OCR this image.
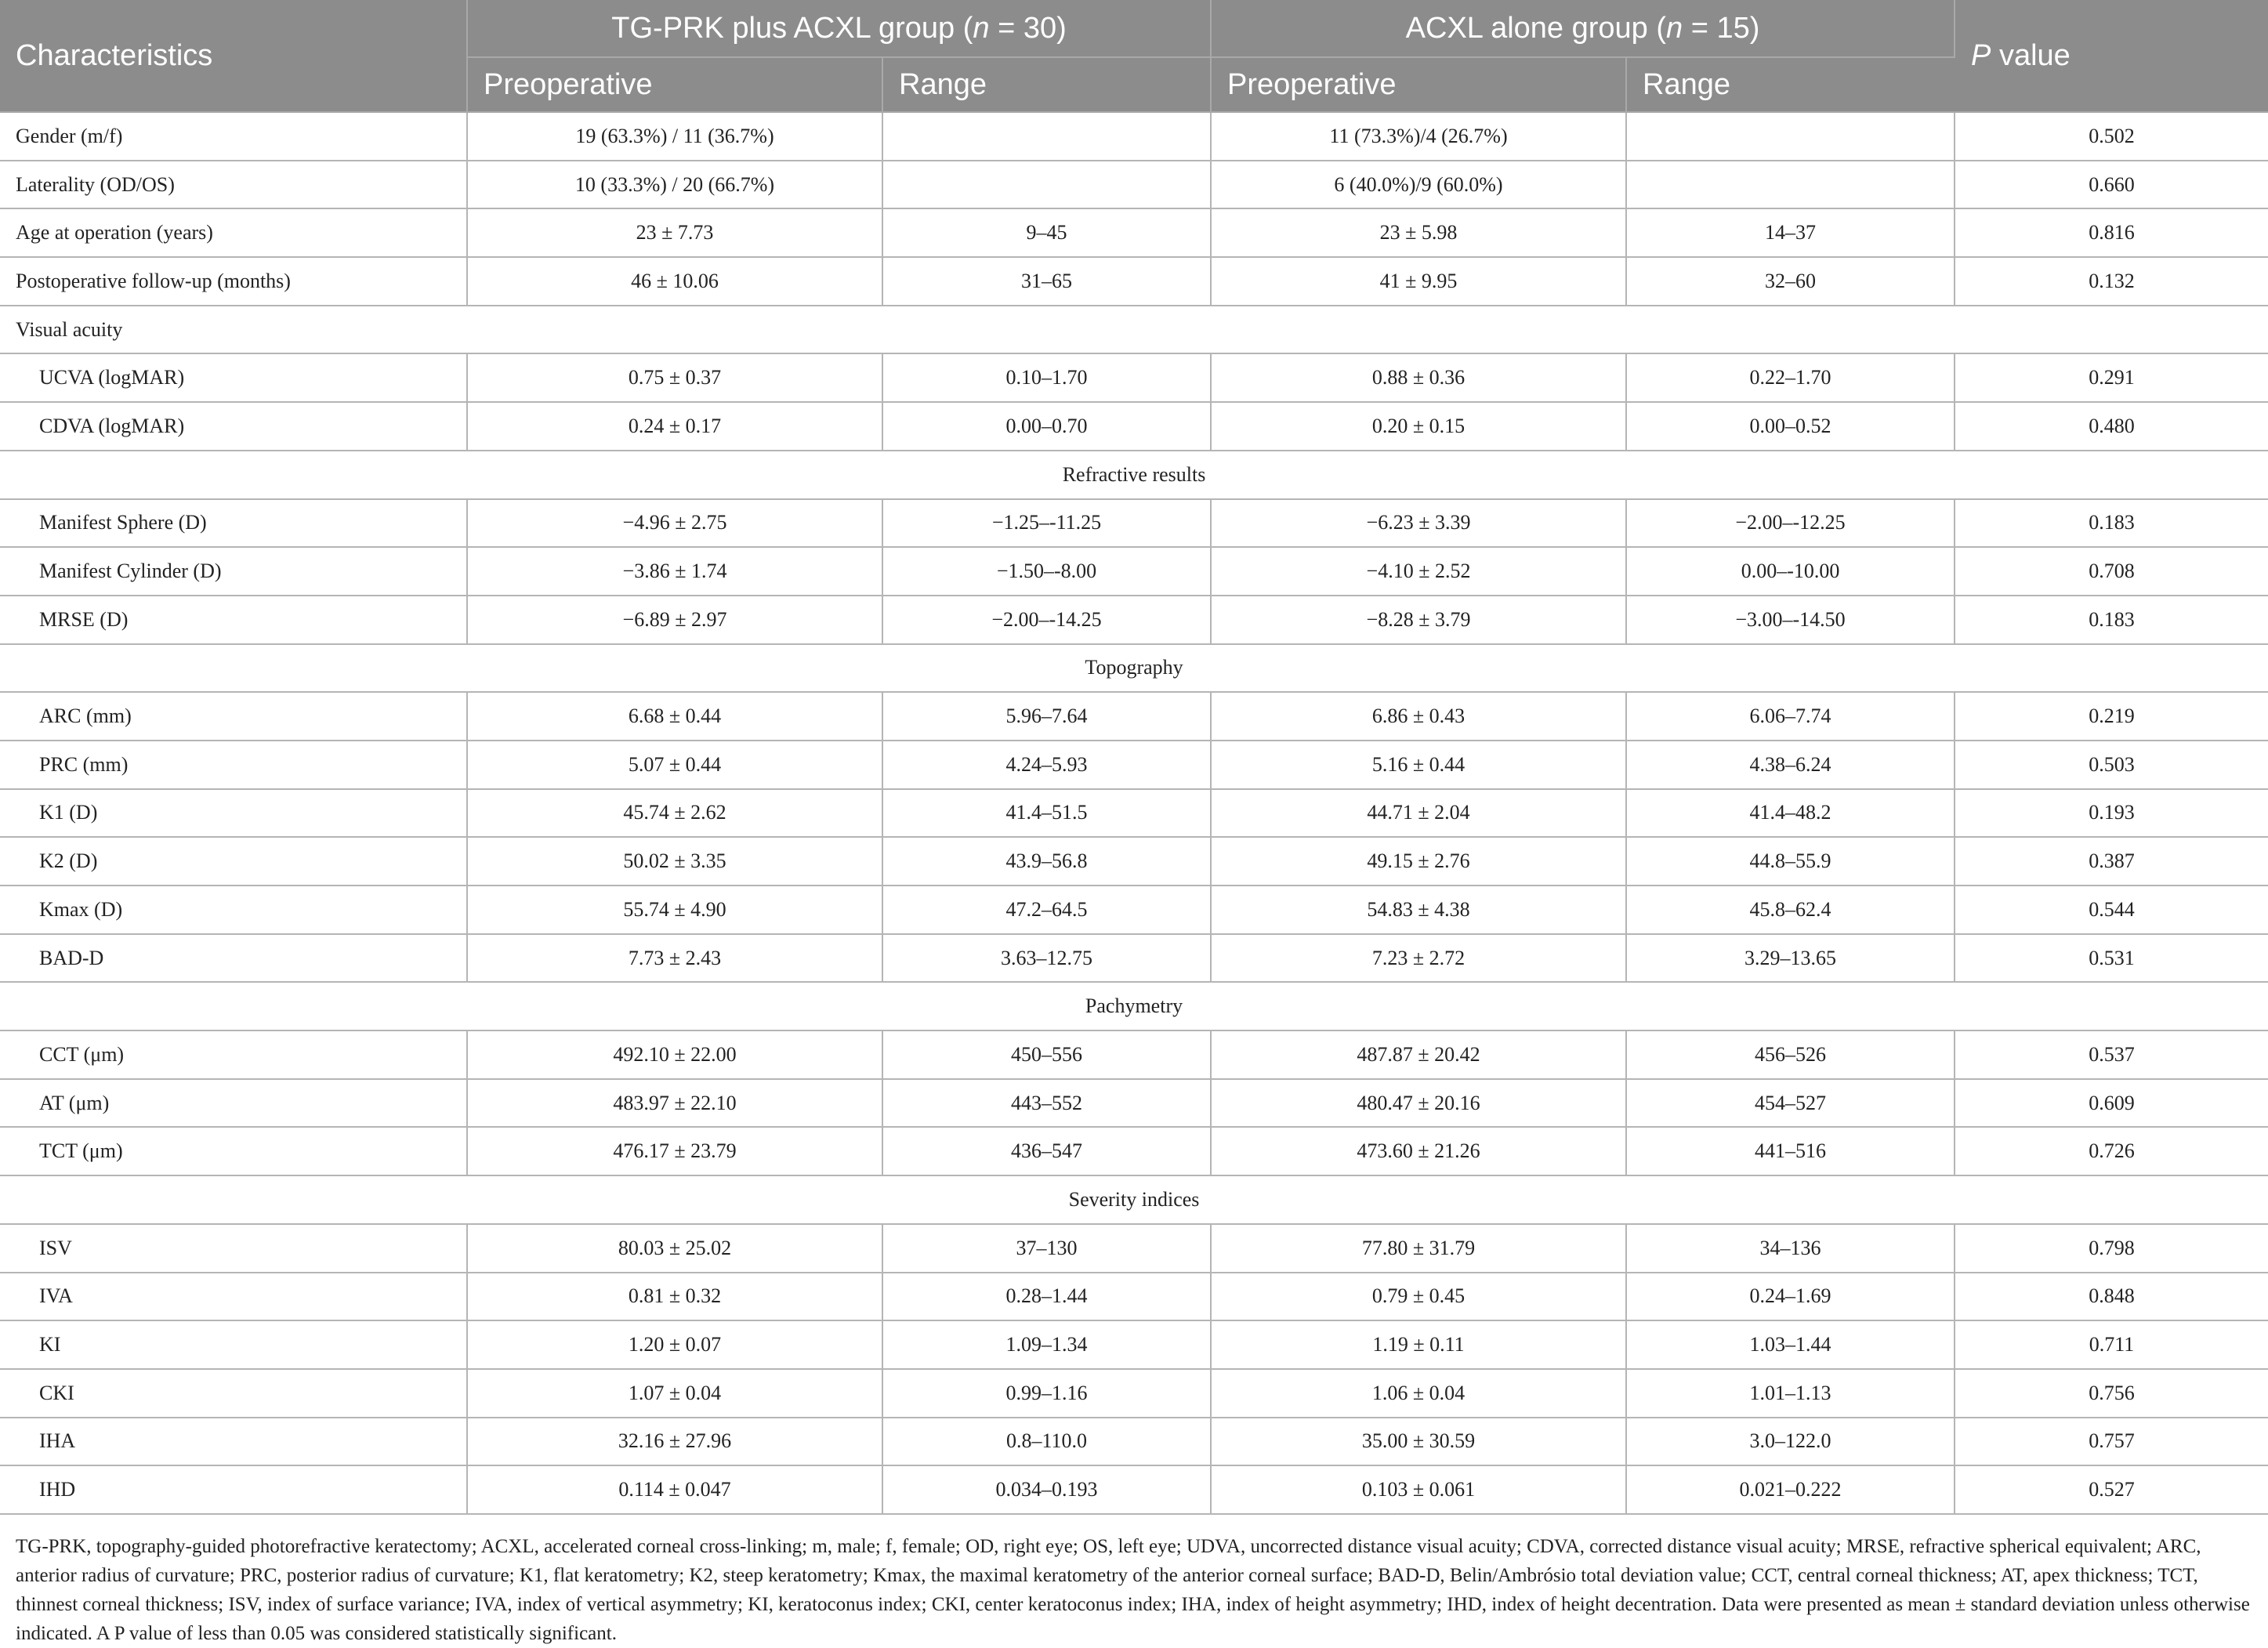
Characteristics	TG-PRK plus ACXL group (n = 30)		ACXL alone group (n = 15)		P value
	Preoperative	Range	Preoperative	Range	
Gender (m/f)	19 (63.3%) / 11 (36.7%)		11 (73.3%)/4 (26.7%)		0.502
Laterality (OD/OS)	10 (33.3%) / 20 (66.7%)		6 (40.0%)/9 (60.0%)		0.660
Age at operation (years)	23 ± 7.73	9–45	23 ± 5.98	14–37	0.816
Postoperative follow-up (months)	46 ± 10.06	31–65	41 ± 9.95	32–60	0.132
Visual acuity					
UCVA (logMAR)	0.75 ± 0.37	0.10–1.70	0.88 ± 0.36	0.22–1.70	0.291
CDVA (logMAR)	0.24 ± 0.17	0.00–0.70	0.20 ± 0.15	0.00–0.52	0.480
Refractive results					
Manifest Sphere (D)	−4.96 ± 2.75	−1.25–-11.25	−6.23 ± 3.39	−2.00–-12.25	0.183
Manifest Cylinder (D)	−3.86 ± 1.74	−1.50–-8.00	−4.10 ± 2.52	0.00–-10.00	0.708
MRSE (D)	−6.89 ± 2.97	−2.00–-14.25	−8.28 ± 3.79	−3.00–-14.50	0.183
Topography					
ARC (mm)	6.68 ± 0.44	5.96–7.64	6.86 ± 0.43	6.06–7.74	0.219
PRC (mm)	5.07 ± 0.44	4.24–5.93	5.16 ± 0.44	4.38–6.24	0.503
K1 (D)	45.74 ± 2.62	41.4–51.5	44.71 ± 2.04	41.4–48.2	0.193
K2 (D)	50.02 ± 3.35	43.9–56.8	49.15 ± 2.76	44.8–55.9	0.387
Kmax (D)	55.74 ± 4.90	47.2–64.5	54.83 ± 4.38	45.8–62.4	0.544
BAD-D	7.73 ± 2.43	3.63–12.75	7.23 ± 2.72	3.29–13.65	0.531
Pachymetry					
CCT (μm)	492.10 ± 22.00	450–556	487.87 ± 20.42	456–526	0.537
AT (μm)	483.97 ± 22.10	443–552	480.47 ± 20.16	454–527	0.609
TCT (μm)	476.17 ± 23.79	436–547	473.60 ± 21.26	441–516	0.726
Severity indices					
ISV	80.03 ± 25.02	37–130	77.80 ± 31.79	34–136	0.798
IVA	0.81 ± 0.32	0.28–1.44	0.79 ± 0.45	0.24–1.69	0.848
KI	1.20 ± 0.07	1.09–1.34	1.19 ± 0.11	1.03–1.44	0.711
CKI	1.07 ± 0.04	0.99–1.16	1.06 ± 0.04	1.01–1.13	0.756
IHA	32.16 ± 27.96	0.8–110.0	35.00 ± 30.59	3.0–122.0	0.757
IHD	0.114 ± 0.047	0.034–0.193	0.103 ± 0.061	0.021–0.222	0.527
TG-PRK, topography-guided photorefractive keratectomy; ACXL, accelerated corneal cross-linking; m, male; f, female; OD, right eye; OS, left eye; UDVA, uncorrected distance visual acuity; CDVA, corrected distance visual acuity; MRSE, refractive spherical equivalent; ARC, anterior radius of curvature; PRC, posterior radius of curvature; K1, flat keratometry; K2, steep keratometry; Kmax, the maximal keratometry of the anterior corneal surface; BAD-D, Belin/Ambrósio total deviation value; CCT, central corneal thickness; AT, apex thickness; TCT, thinnest corneal thickness; ISV, index of surface variance; IVA, index of vertical asymmetry; KI, keratoconus index; CKI, center keratoconus index; IHA, index of height asymmetry; IHD, index of height decentration. Data were presented as mean ± standard deviation unless otherwise indicated. A P value of less than 0.05 was considered statistically significant.
